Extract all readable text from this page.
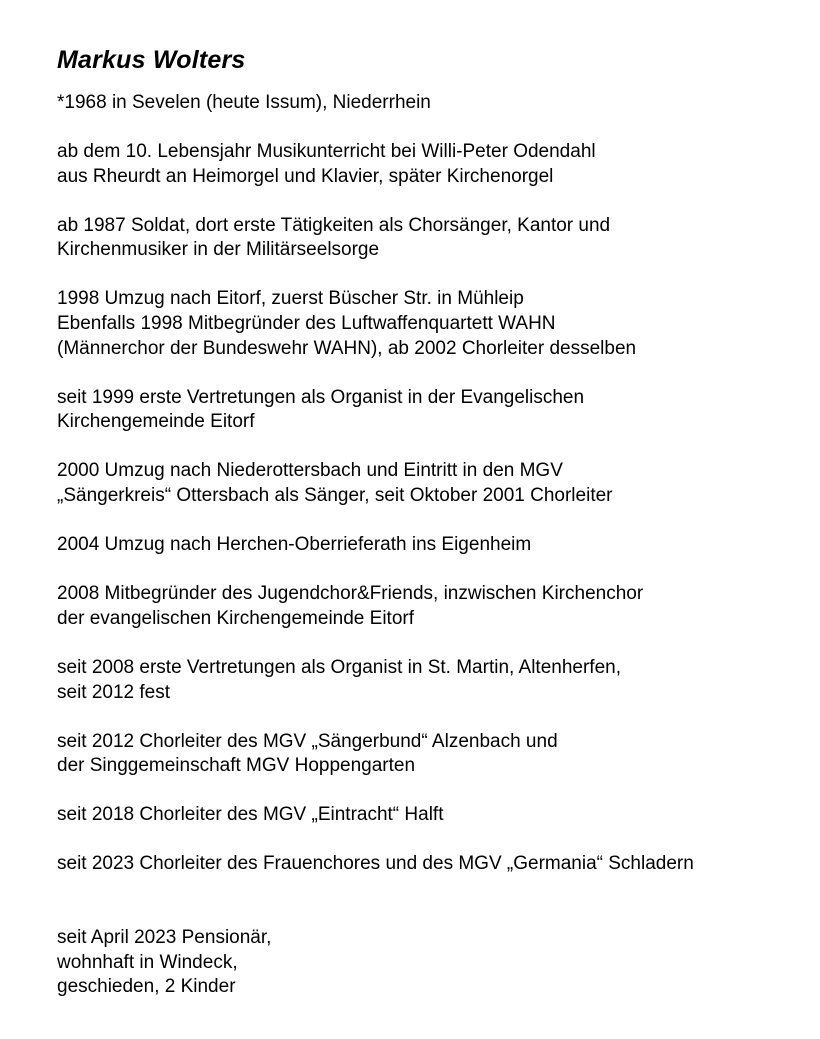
Markus Wolters
*1968 in Sevelen (heute Issum), Niederrhein
ab dem 10. Lebensjahr Musikunterricht bei Willi-Peter Odendahl
aus Rheurdt an Heimorgel und Klavier, später Kirchenorgel
ab 1987 Soldat, dort erste Tätigkeiten als Chorsänger, Kantor und
Kirchenmusiker in der Militärseelsorge
1998 Umzug nach Eitorf, zuerst Büscher Str. in Mühleip
Ebenfalls 1998 Mitbegründer des Luftwaffenquartett WAHN
(Männerchor der Bundeswehr WAHN), ab 2002 Chorleiter desselben
seit 1999 erste Vertretungen als Organist in der Evangelischen
Kirchengemeinde Eitorf
2000 Umzug nach Niederottersbach und Eintritt in den MGV
„Sängerkreis“ Ottersbach als Sänger, seit Oktober 2001 Chorleiter
2004 Umzug nach Herchen-Oberrieferath ins Eigenheim
2008 Mitbegründer des Jugendchor&Friends, inzwischen Kirchenchor
der evangelischen Kirchengemeinde Eitorf
seit 2008 erste Vertretungen als Organist in St. Martin, Altenherfen,
seit 2012 fest
seit 2012 Chorleiter des MGV „Sängerbund“ Alzenbach und
der Singgemeinschaft MGV Hoppengarten
seit 2018 Chorleiter des MGV „Eintracht“ Halft
seit 2023 Chorleiter des Frauenchores und des MGV „Germania“ Schladern
seit April 2023 Pensionär,
wohnhaft in Windeck,
geschieden, 2 Kinder
